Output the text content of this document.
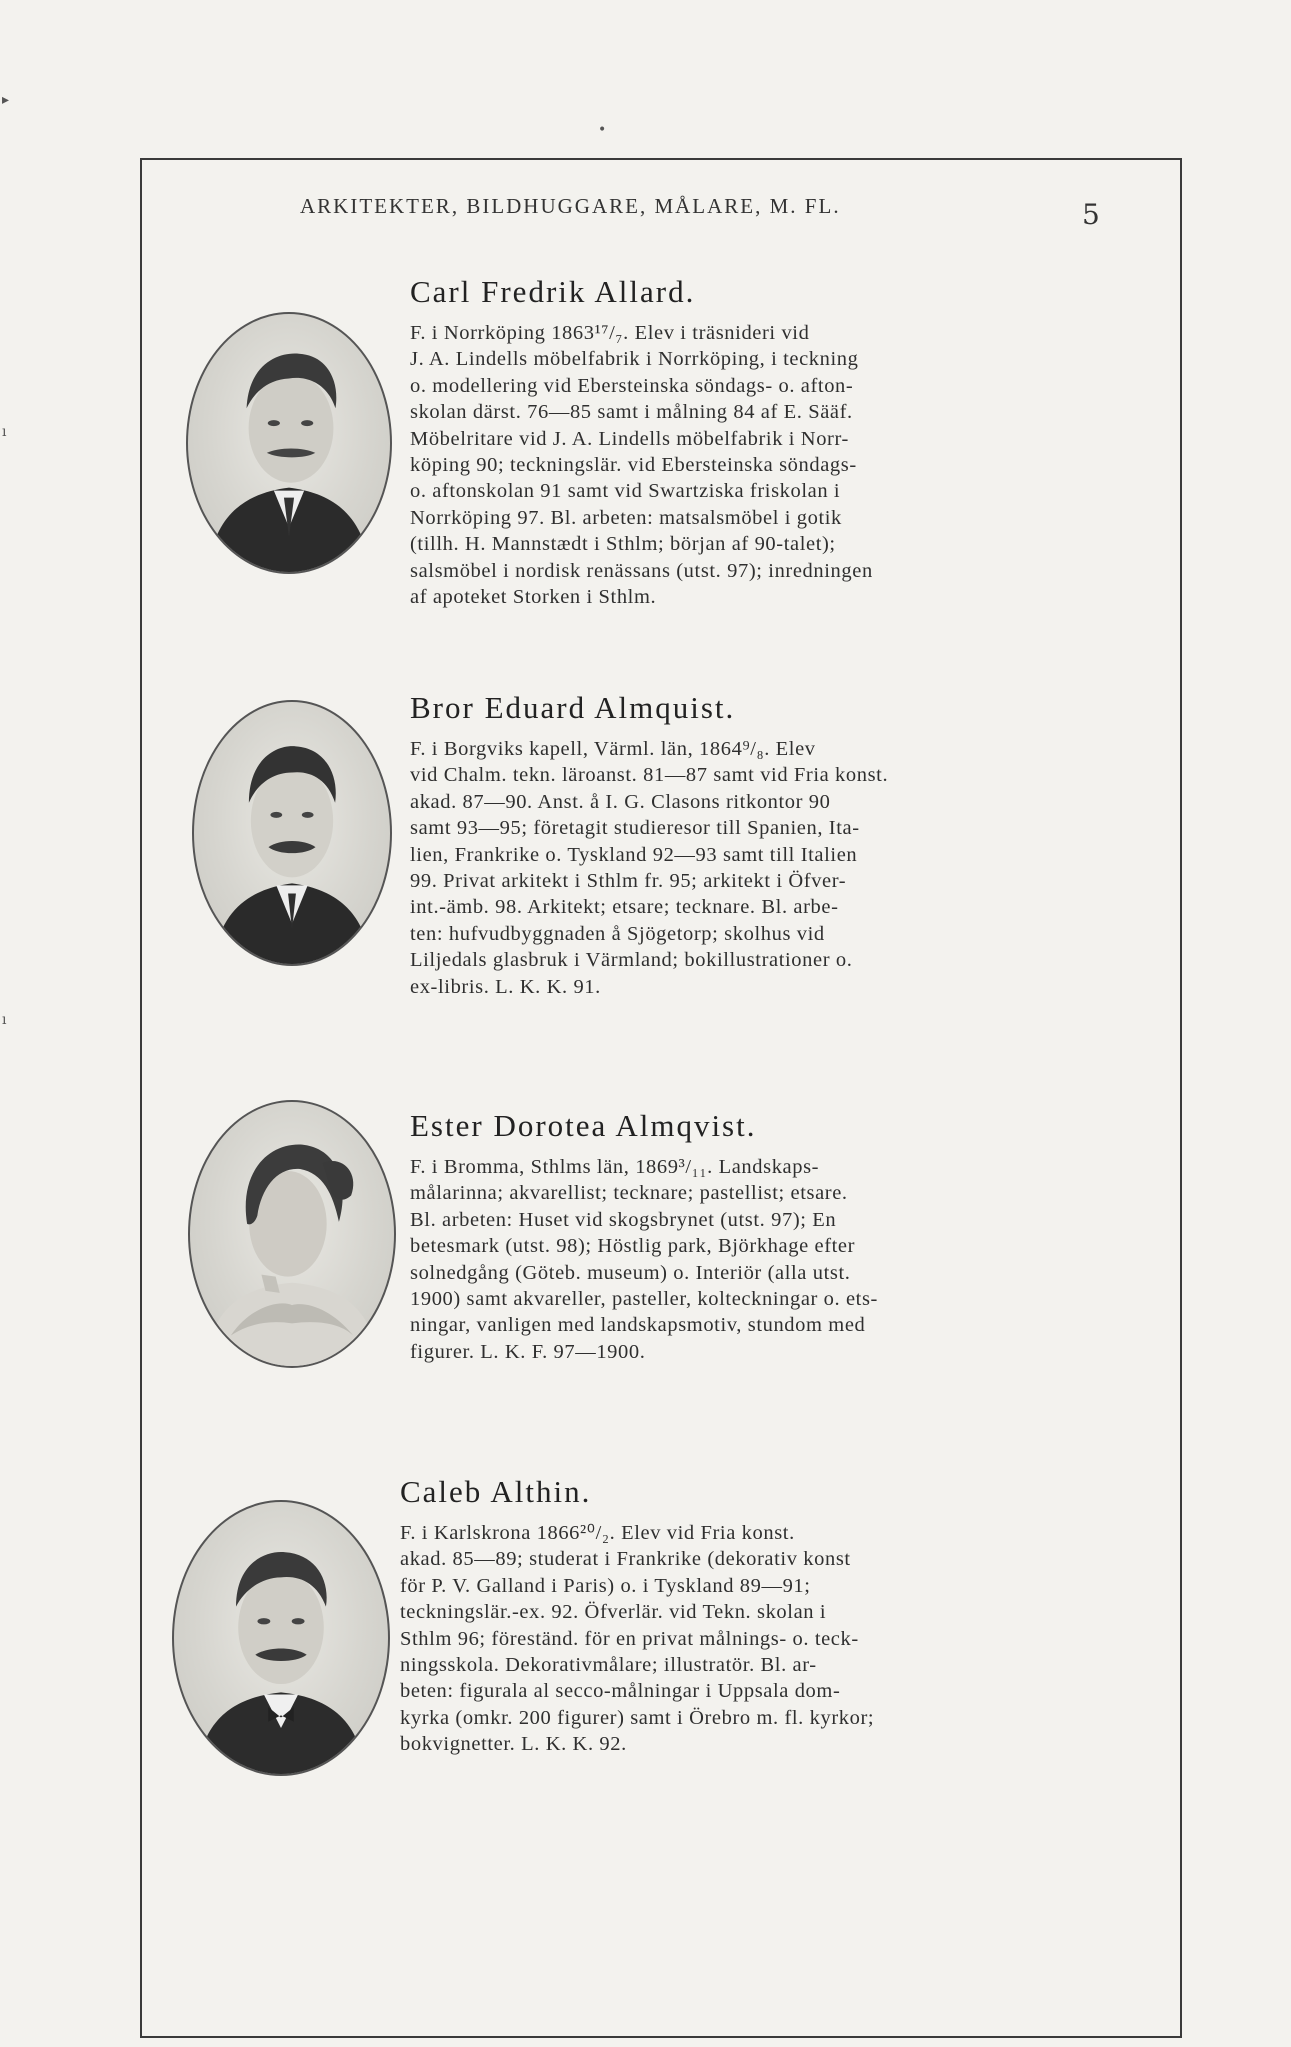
ARKITEKTER, BILDHUGGARE, MÅLARE, M. FL.	5
▸
ı
ı
•
Carl Fredrik Allard.
F. i Norrköping 1863¹⁷/₇. Elev i träsnideri vid
J. A. Lindells möbelfabrik i Norrköping, i teckning
o. modellering vid Ebersteinska söndags- o. afton-
skolan därst. 76—85 samt i målning 84 af E. Sääf.
Möbelritare vid J. A. Lindells möbelfabrik i Norr-
köping 90; teckningslär. vid Ebersteinska söndags-
o. aftonskolan 91 samt vid Swartziska friskolan i
Norrköping 97. Bl. arbeten: matsalsmöbel i gotik
(tillh. H. Mannstædt i Sthlm; början af 90-talet);
salsmöbel i nordisk renässans (utst. 97); inredningen
af apoteket Storken i Sthlm.
Bror Eduard Almquist.
F. i Borgviks kapell, Värml. län, 1864⁹/₈. Elev
vid Chalm. tekn. läroanst. 81—87 samt vid Fria konst.
akad. 87—90. Anst. å I. G. Clasons ritkontor 90
samt 93—95; företagit studieresor till Spanien, Ita-
lien, Frankrike o. Tyskland 92—93 samt till Italien
99. Privat arkitekt i Sthlm fr. 95; arkitekt i Öfver-
int.-ämb. 98. Arkitekt; etsare; tecknare. Bl. arbe-
ten: hufvudbyggnaden å Sjögetorp; skolhus vid
Liljedals glasbruk i Värmland; bokillustrationer o.
ex-libris. L. K. K. 91.
Ester Dorotea Almqvist.
F. i Bromma, Sthlms län, 1869³/₁₁. Landskaps-
målarinna; akvarellist; tecknare; pastellist; etsare.
Bl. arbeten: Huset vid skogsbrynet (utst. 97); En
betesmark (utst. 98); Höstlig park, Björkhage efter
solnedgång (Göteb. museum) o. Interiör (alla utst.
1900) samt akvareller, pasteller, kolteckningar o. ets-
ningar, vanligen med landskapsmotiv, stundom med
figurer. L. K. F. 97—1900.
Caleb Althin.
F. i Karlskrona 1866²⁰/₂. Elev vid Fria konst.
akad. 85—89; studerat i Frankrike (dekorativ konst
för P. V. Galland i Paris) o. i Tyskland 89—91;
teckningslär.-ex. 92. Öfverlär. vid Tekn. skolan i
Sthlm 96; föreständ. för en privat målnings- o. teck-
ningsskola. Dekorativmålare; illustratör. Bl. ar-
beten: figurala al secco-målningar i Uppsala dom-
kyrka (omkr. 200 figurer) samt i Örebro m. fl. kyrkor;
bokvignetter. L. K. K. 92.
